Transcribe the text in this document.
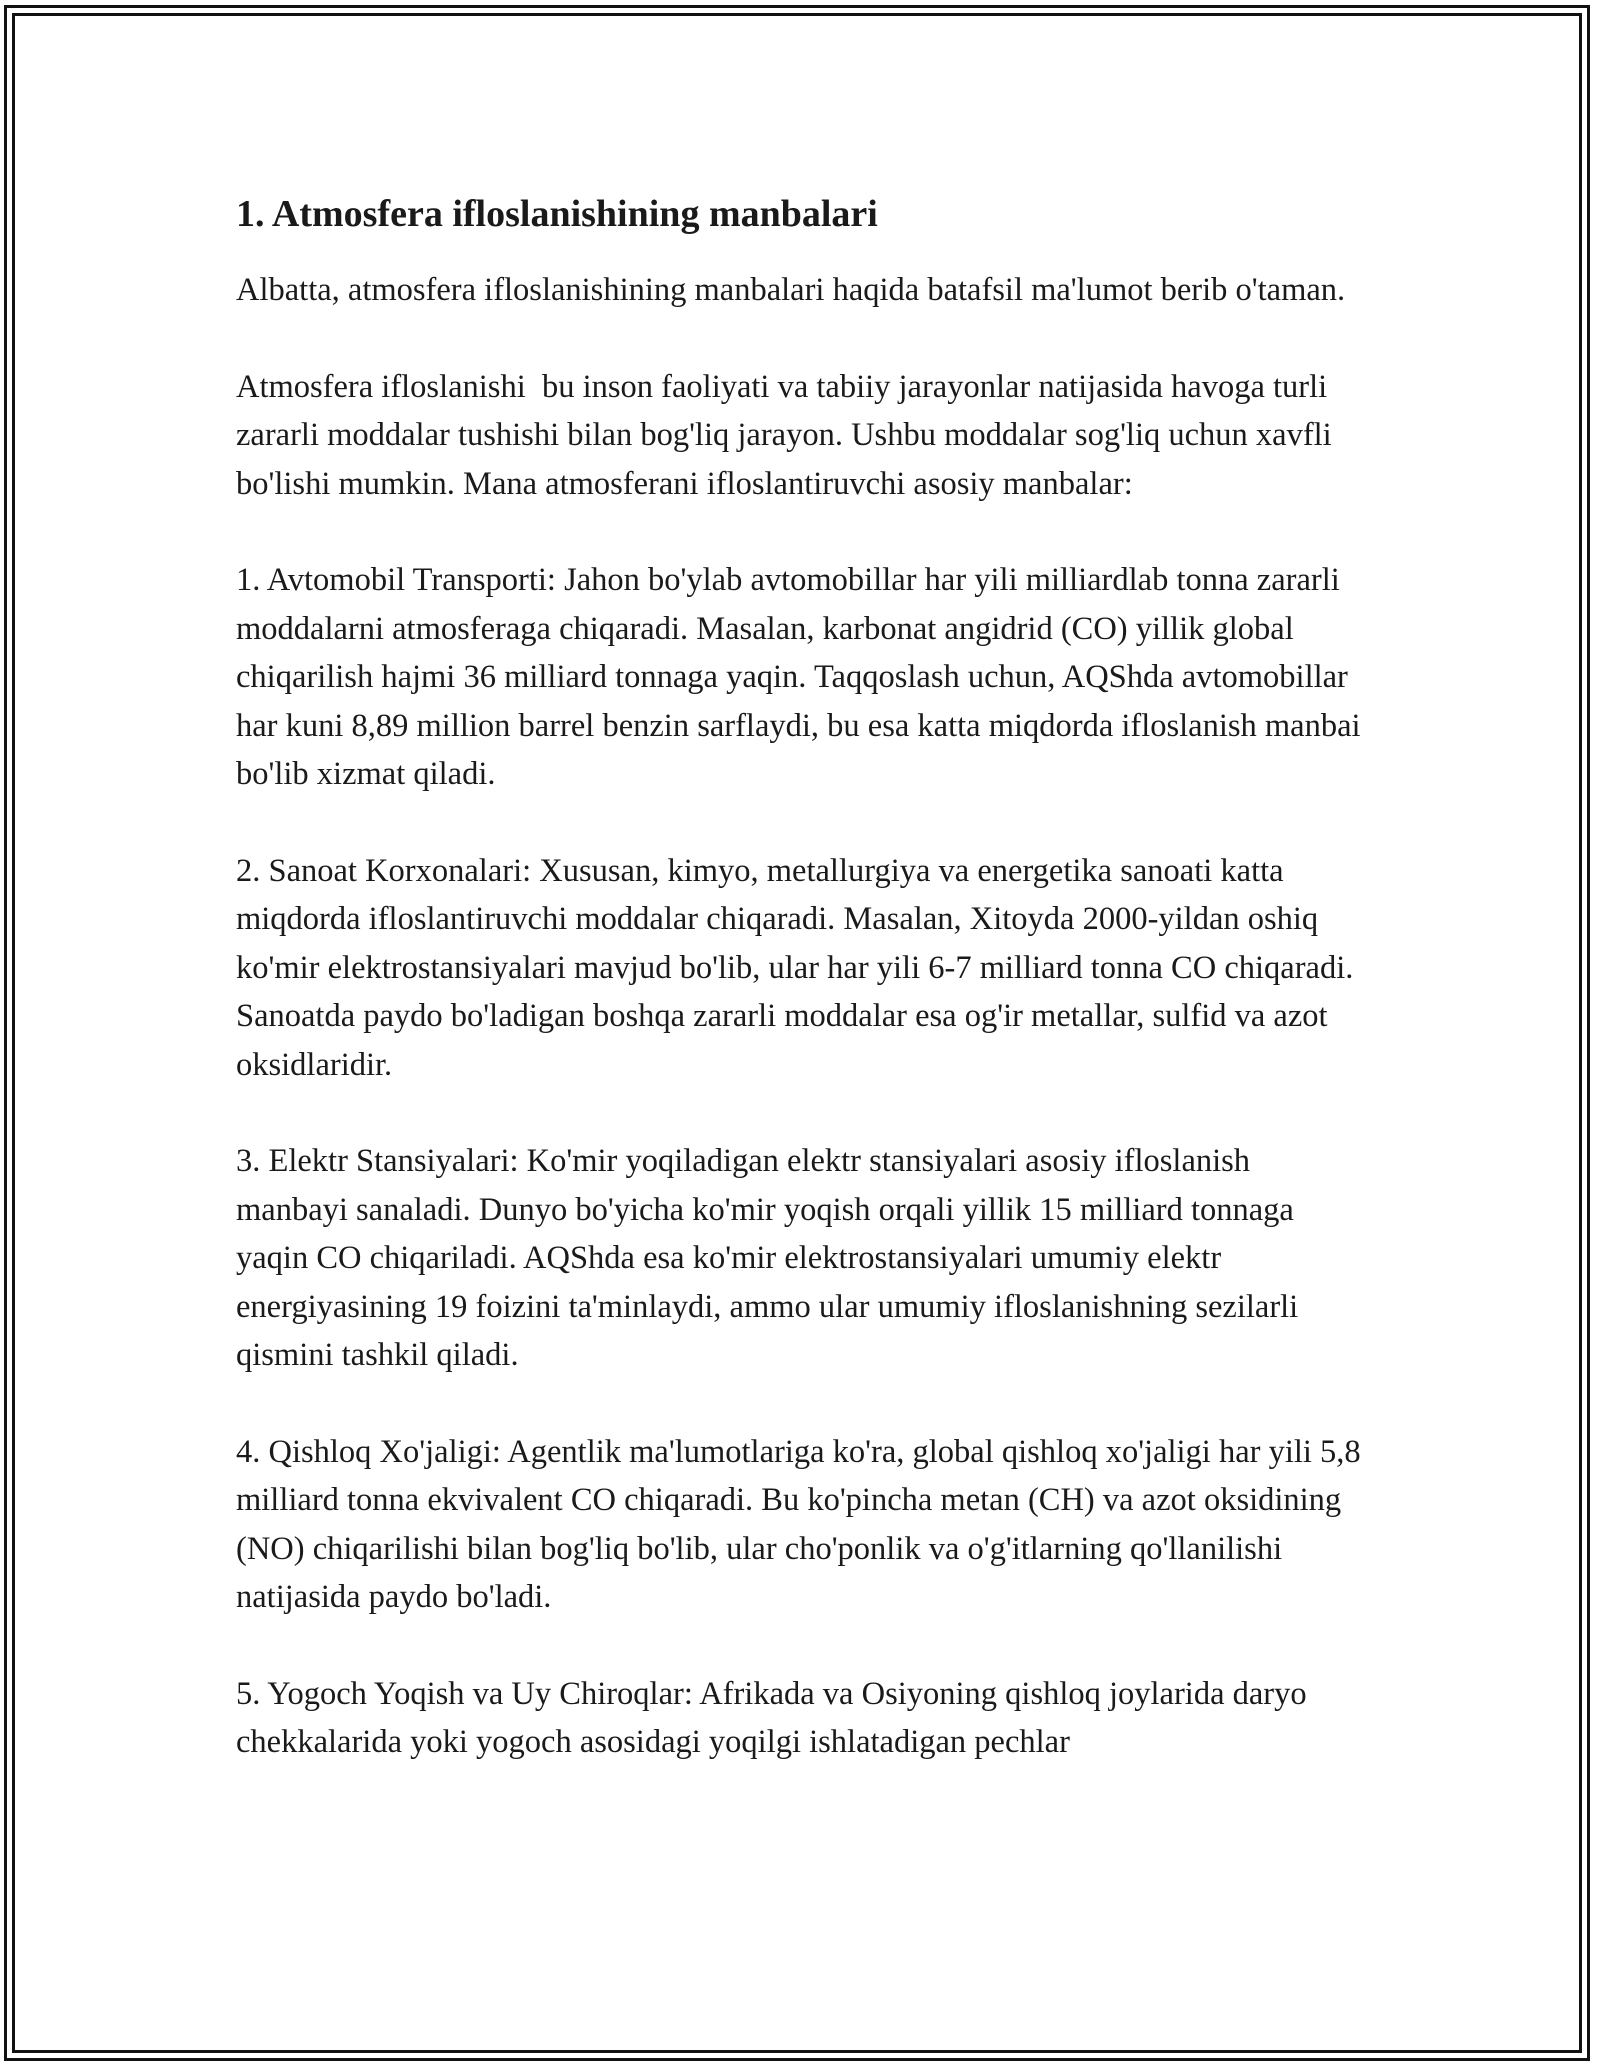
1. Atmosfera ifloslanishining manbalari

Albatta, atmosfera ifloslanishining manbalari haqida batafsil ma'lumot berib o'taman.

Atmosfera ifloslanishi  bu inson faoliyati va tabiiy jarayonlar natijasida havoga turli zararli moddalar tushishi bilan bog'liq jarayon. Ushbu moddalar sog'liq uchun xavfli bo'lishi mumkin. Mana atmosferani ifloslantiruvchi asosiy manbalar:

1. Avtomobil Transporti: Jahon bo'ylab avtomobillar har yili milliardlab tonna zararli moddalarni atmosferaga chiqaradi. Masalan, karbonat angidrid (CO) yillik global chiqarilish hajmi 36 milliard tonnaga yaqin. Taqqoslash uchun, AQShda avtomobillar har kuni 8,89 million barrel benzin sarflaydi, bu esa katta miqdorda ifloslanish manbai bo'lib xizmat qiladi.

2. Sanoat Korxonalari: Xususan, kimyo, metallurgiya va energetika sanoati katta miqdorda ifloslantiruvchi moddalar chiqaradi. Masalan, Xitoyda 2000-yildan oshiq ko'mir elektrostansiyalari mavjud bo'lib, ular har yili 6-7 milliard tonna CO chiqaradi. Sanoatda paydo bo'ladigan boshqa zararli moddalar esa og'ir metallar, sulfid va azot oksidlaridir.

3. Elektr Stansiyalari: Ko'mir yoqiladigan elektr stansiyalari asosiy ifloslanish manbayi sanaladi. Dunyo bo'yicha ko'mir yoqish orqali yillik 15 milliard tonnaga yaqin CO chiqariladi. AQShda esa ko'mir elektrostansiyalari umumiy elektr energiyasining 19 foizini ta'minlaydi, ammo ular umumiy ifloslanishning sezilarli qismini tashkil qiladi.

4. Qishloq Xo'jaligi: Agentlik ma'lumotlariga ko'ra, global qishloq xo'jaligi har yili 5,8 milliard tonna ekvivalent CO chiqaradi. Bu ko'pincha metan (CH) va azot oksidining (NO) chiqarilishi bilan bog'liq bo'lib, ular cho'ponlik va o'g'itlarning qo'llanilishi natijasida paydo bo'ladi.

5. Yogoch Yoqish va Uy Chiroqlar: Afrikada va Osiyoning qishloq joylarida daryo chekkalarida yoki yogoch asosidagi yoqilgi ishlatadigan pechlar
